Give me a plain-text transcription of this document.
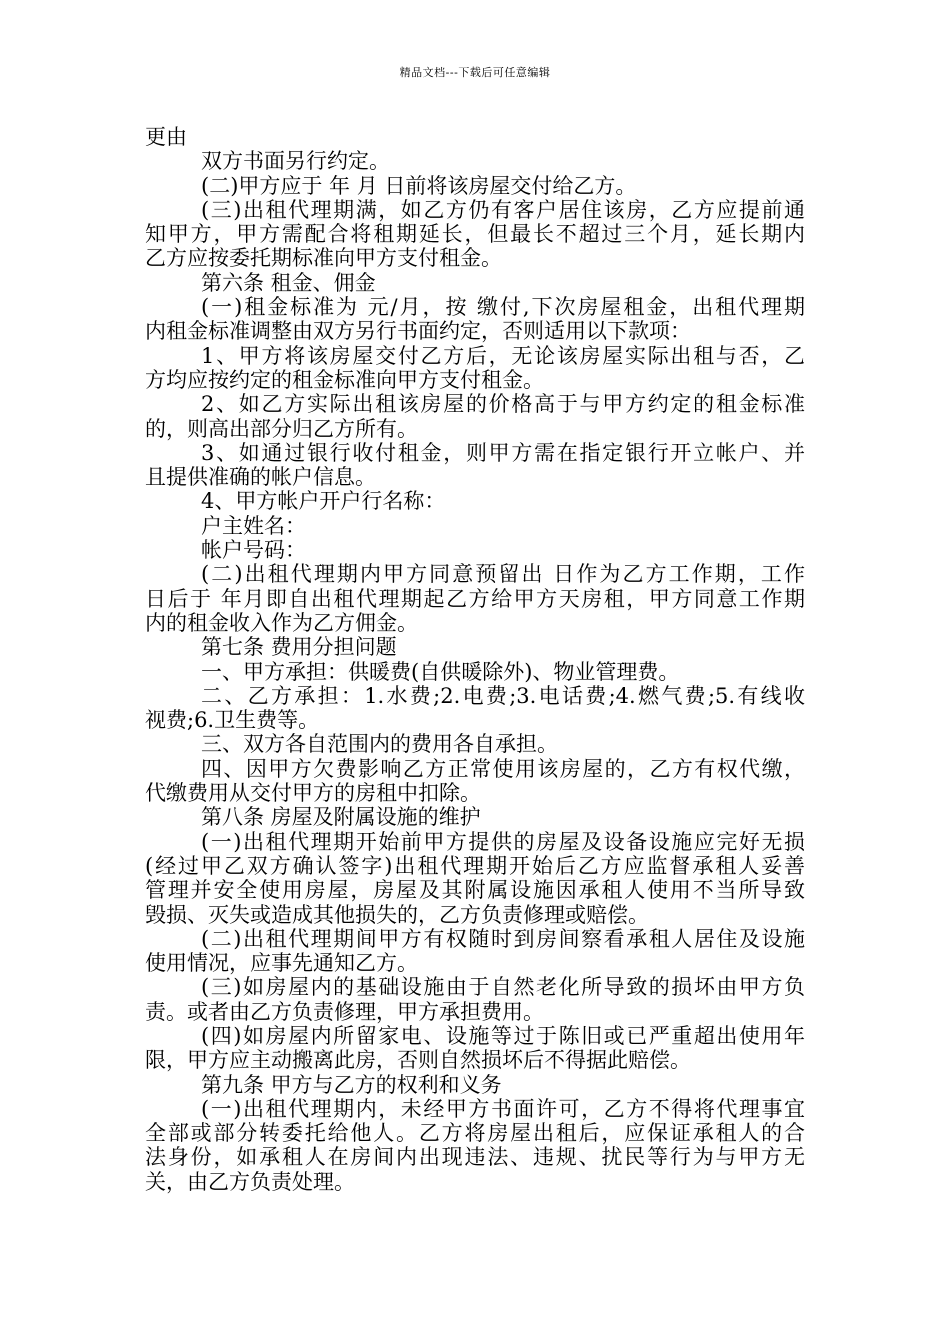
精品文档---下载后可任意编辑
更由
双方书面另行约定。
(二)甲方应于 年 月 日前将该房屋交付给乙方。
(三)出租代理期满，如乙方仍有客户居住该房，乙方应提前通
知甲方，甲方需配合将租期延长，但最长不超过三个月，延长期内
乙方应按委托期标准向甲方支付租金。
第六条 租金、佣金
(一)租金标准为 元/月，按 缴付,下次房屋租金，出租代理期
内租金标准调整由双方另行书面约定，否则适用以下款项：
1、甲方将该房屋交付乙方后，无论该房屋实际出租与否，乙
方均应按约定的租金标准向甲方支付租金。
2、如乙方实际出租该房屋的价格高于与甲方约定的租金标准
的，则高出部分归乙方所有。
3、如通过银行收付租金，则甲方需在指定银行开立帐户、并
且提供准确的帐户信息。
4、甲方帐户开户行名称：
户主姓名：
帐户号码：
(二)出租代理期内甲方同意预留出 日作为乙方工作期，工作
日后于 年月即自出租代理期起乙方给甲方天房租，甲方同意工作期
内的租金收入作为乙方佣金。
第七条 费用分担问题
一、甲方承担：供暖费(自供暖除外)、物业管理费。
二、乙方承担：1.水费;2.电费;3.电话费;4.燃气费;5.有线收
视费;6.卫生费等。
三、双方各自范围内的费用各自承担。
四、因甲方欠费影响乙方正常使用该房屋的，乙方有权代缴，
代缴费用从交付甲方的房租中扣除。
第八条 房屋及附属设施的维护
(一)出租代理期开始前甲方提供的房屋及设备设施应完好无损
(经过甲乙双方确认签字)出租代理期开始后乙方应监督承租人妥善
管理并安全使用房屋，房屋及其附属设施因承租人使用不当所导致
毁损、灭失或造成其他损失的，乙方负责修理或赔偿。
(二)出租代理期间甲方有权随时到房间察看承租人居住及设施
使用情况，应事先通知乙方。
(三)如房屋内的基础设施由于自然老化所导致的损坏由甲方负
责。或者由乙方负责修理，甲方承担费用。
(四)如房屋内所留家电、设施等过于陈旧或已严重超出使用年
限，甲方应主动搬离此房，否则自然损坏后不得据此赔偿。
第九条 甲方与乙方的权利和义务
(一)出租代理期内，未经甲方书面许可，乙方不得将代理事宜
全部或部分转委托给他人。乙方将房屋出租后，应保证承租人的合
法身份，如承租人在房间内出现违法、违规、扰民等行为与甲方无
关，由乙方负责处理。
